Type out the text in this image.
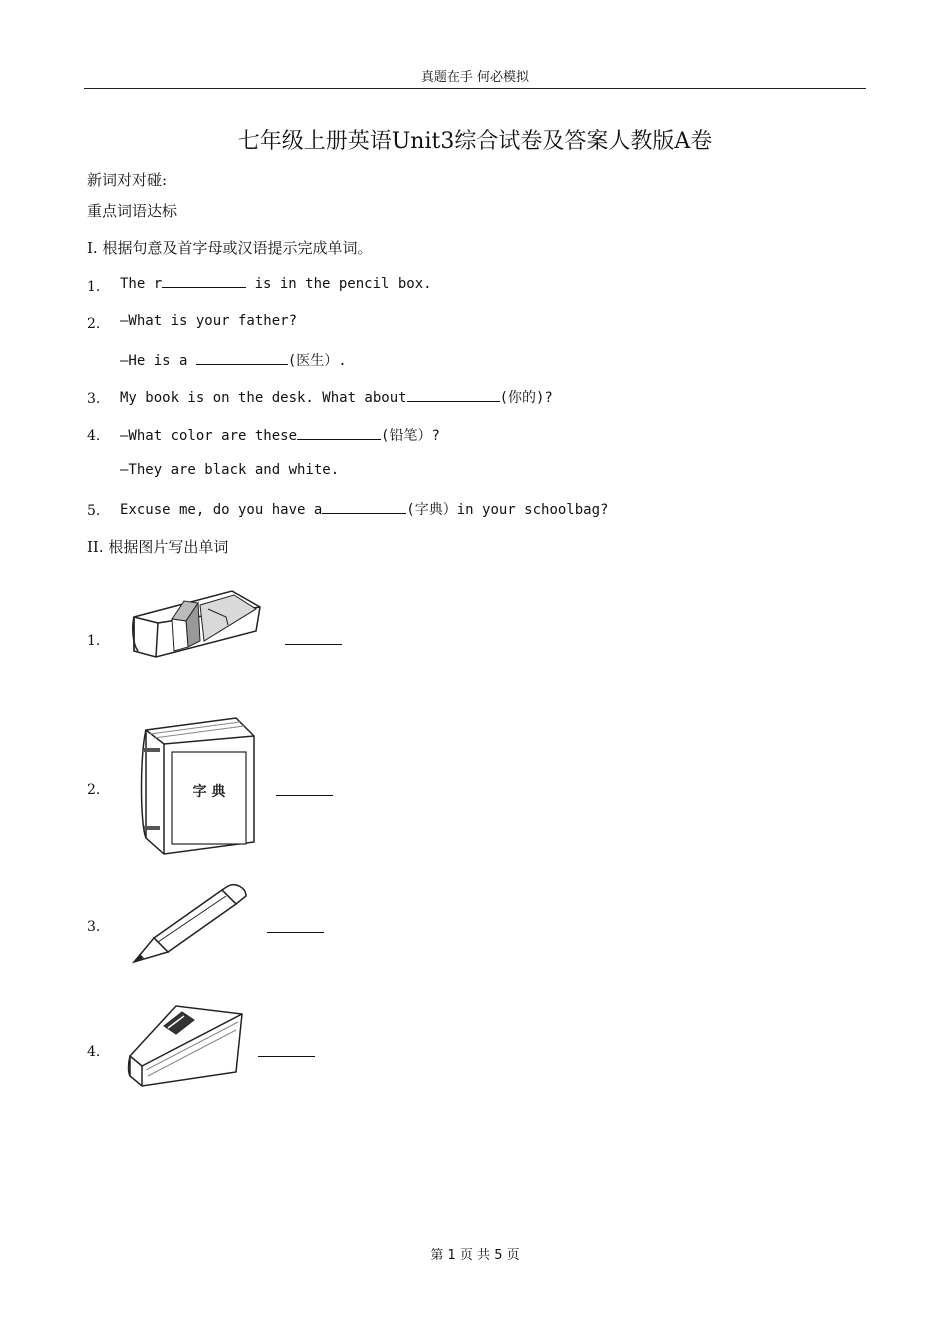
真题在手 何必模拟
七年级上册英语Unit3综合试卷及答案人教版A卷
新词对对碰:
重点词语达标
I. 根据句意及首字母或汉语提示完成单词。
1. The r	is in the pencil box.
2. —What is your father?
—He is a	(医生）.
3. My book is on the desk. What about	(你的)?
4. —What color are these	(铅笔）?
—They are black and white.
5. Excuse me, do you have a	(字典）in your schoolbag?
II. 根据图片写出单词
1.
2.	字 典
3.
4.
第 1 页 共 5 页
